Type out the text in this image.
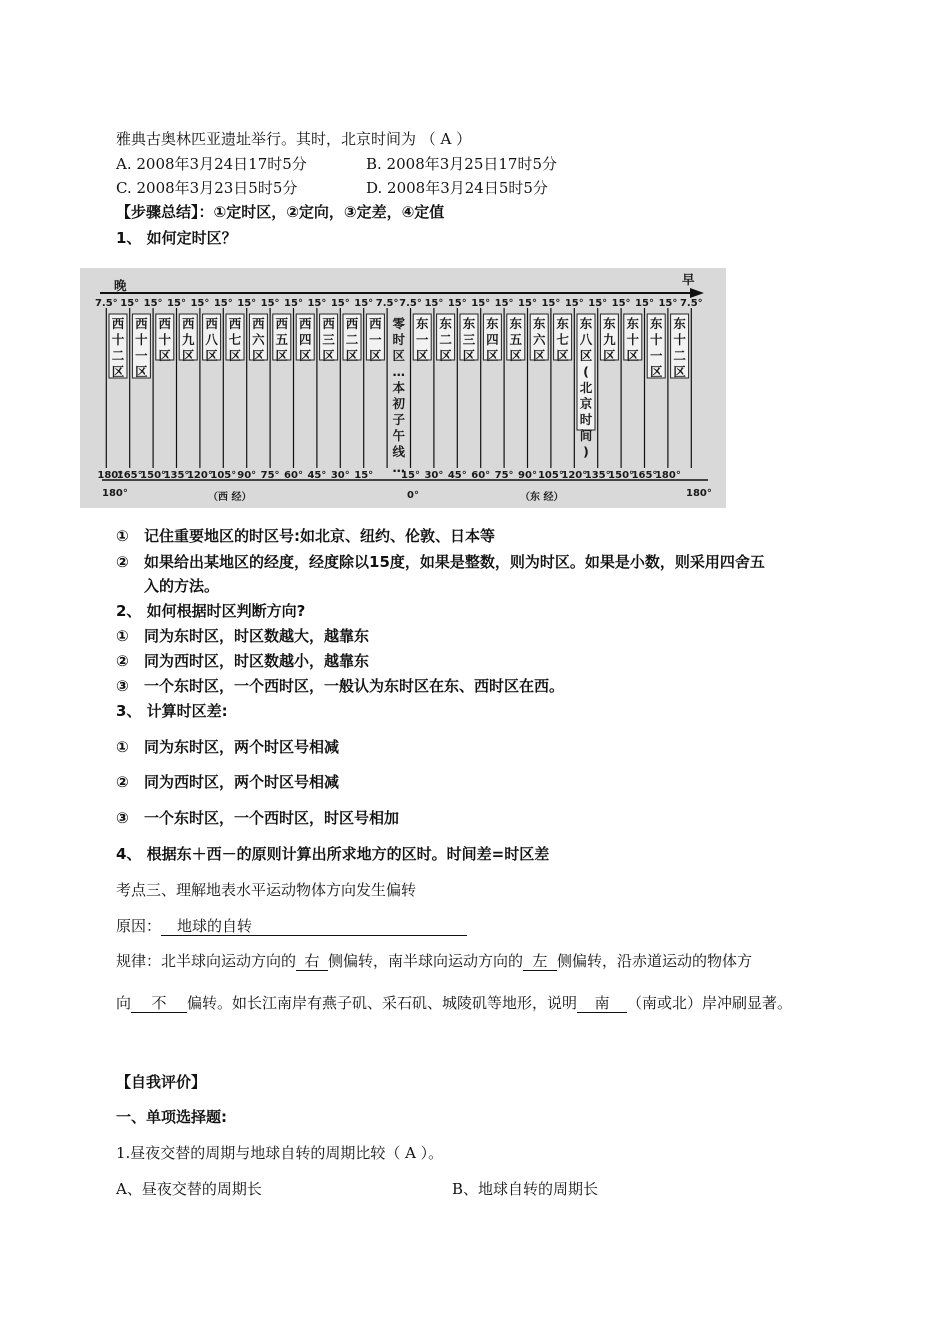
雅典古奥林匹亚遗址举行。其时，北京时间为 （ A ）
A. 2008年3月24日17时5分	B. 2008年3月25日17时5分
C. 2008年3月23日5时5分	D. 2008年3月24日5时5分
【步骤总结】：①定时区，②定向，③定差，④定值
1、 如何定时区？
晚	早
7.5° 15° 15° 15° 15° 15° 15° 15° 15° 15° 15° 15° 7.5° 7.5° 15° 15° 15° 15° 15° 15° 15° 15° 15° 15° 15° 7.5°
西
十
二
区
西
十
一
区
西
十
区
西
九
区
西
八
区
西
七
区
西
六
区
西
五
区
西
四
区
西
三
区
西
二
区
西
一
区
零
时
区
…
本
初
子
午
线
…
东
一
区
东
二
区
东
三
区
东
四
区
东
五
区
东
六
区
东
七
区
东
八
区
(
北
京
时
间
)
东
九
区
东
十
区
东
十
一
区
东
十
二
区
180°
165°
150°
135°
120°
105° 90° 75° 60° 45° 30° 15°	15° 30° 45° 60° 75° 90° 105°
120°
135°
150°
165°
180°
180°	（西 经）	0°	（东 经）	180°
① 记住重要地区的时区号:如北京、纽约、伦敦、日本等
② 如果给出某地区的经度，经度除以15度，如果是整数，则为时区。如果是小数，则采用四舍五
入的方法。
2、 如何根据时区判断方向?
① 同为东时区，时区数越大，越靠东
② 同为西时区，时区数越小，越靠东
③ 一个东时区，一个西时区，一般认为东时区在东、西时区在西。
3、 计算时区差:
① 同为东时区，两个时区号相减
② 同为西时区，两个时区号相减
③ 一个东时区，一个西时区，时区号相加
4、 根据东＋西－的原则计算出所求地方的区时。时间差=时区差
考点三、理解地表水平运动物体方向发生偏转
原因： 地球的自转
规律：北半球向运动方向的 右 侧偏转，南半球向运动方向的 左 侧偏转，沿赤道运动的物体方
向 不 偏转。如长江南岸有燕子矶、采石矶、城陵矶等地形，说明 南 （南或北）岸冲刷显著。
【自我评价】
一、单项选择题:
1.昼夜交替的周期与地球自转的周期比较（ A ）。
A、昼夜交替的周期长	B、地球自转的周期长
